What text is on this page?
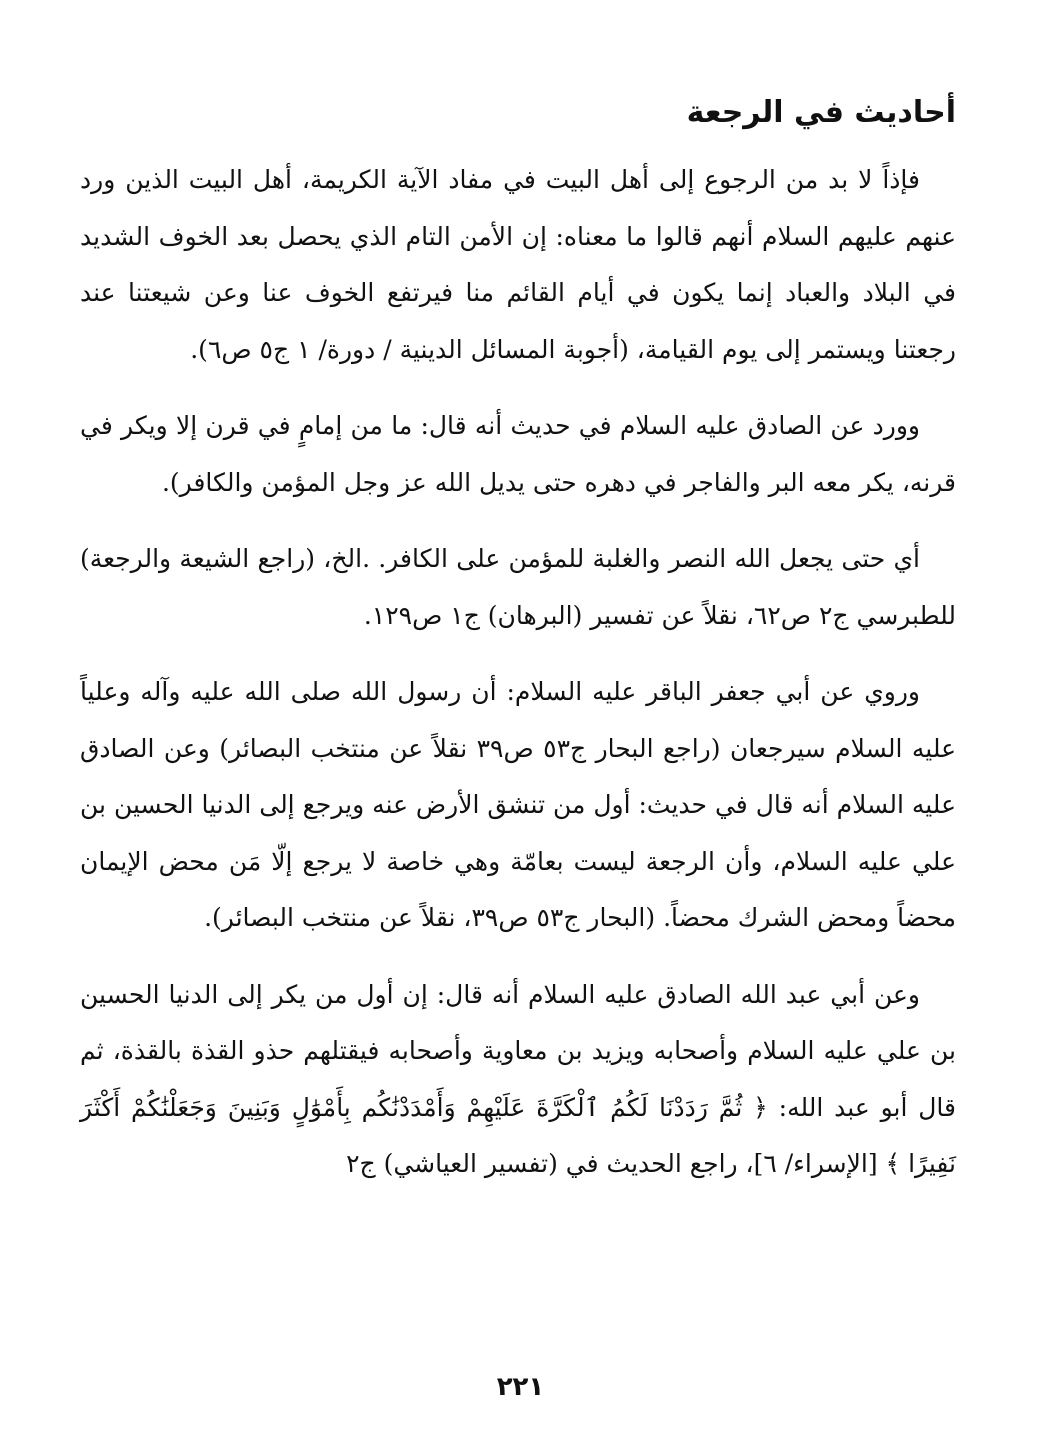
أحاديث في الرجعة

فإذاً لا بد من الرجوع إلى أهل البيت في مفاد الآية الكريمة، أهل البيت الذين ورد عنهم عليهم السلام أنهم قالوا ما معناه: إن الأمن التام الذي يحصل بعد الخوف الشديد في البلاد والعباد إنما يكون في أيام القائم منا فيرتفع الخوف عنا وعن شيعتنا عند رجعتنا ويستمر إلى يوم القيامة، (أجوبة المسائل الدينية / دورة/ ١ ج٥ ص٦).

وورد عن الصادق عليه السلام في حديث أنه قال: ما من إمامٍ في قرن إلا ويكر في قرنه، يكر معه البر والفاجر في دهره حتى يديل الله عز وجل المؤمن والكافر).

أي حتى يجعل الله النصر والغلبة للمؤمن على الكافر. .الخ، (راجع الشيعة والرجعة) للطبرسي ج٢ ص٦٢، نقلاً عن تفسير (البرهان) ج١ ص١٢٩.

وروي عن أبي جعفر الباقر عليه السلام: أن رسول الله صلى الله عليه وآله وعلياً عليه السلام سيرجعان (راجع البحار ج٥٣ ص٣٩ نقلاً عن منتخب البصائر) وعن الصادق عليه السلام أنه قال في حديث: أول من تنشق الأرض عنه ويرجع إلى الدنيا الحسين بن علي عليه السلام، وأن الرجعة ليست بعامّة وهي خاصة لا يرجع إلّا مَن محض الإيمان محضاً ومحض الشرك محضاً. (البحار ج٥٣ ص٣٩، نقلاً عن منتخب البصائر).

وعن أبي عبد الله الصادق عليه السلام أنه قال: إن أول من يكر إلى الدنيا الحسين بن علي عليه السلام وأصحابه ويزيد بن معاوية وأصحابه فيقتلهم حذو القذة بالقذة، ثم قال أبو عبد الله: ﴿ ثُمَّ رَدَدْنَا لَكُمُ ٱلْكَرَّةَ عَلَيْهِمْ وَأَمْدَدْنَٰكُم بِأَمْوَٰلٍ وَبَنِينَ وَجَعَلْنَٰكُمْ أَكْثَرَ نَفِيرًا ﴾ [الإسراء/ ٦]، راجع الحديث في (تفسير العياشي) ج٢

٢٢١
